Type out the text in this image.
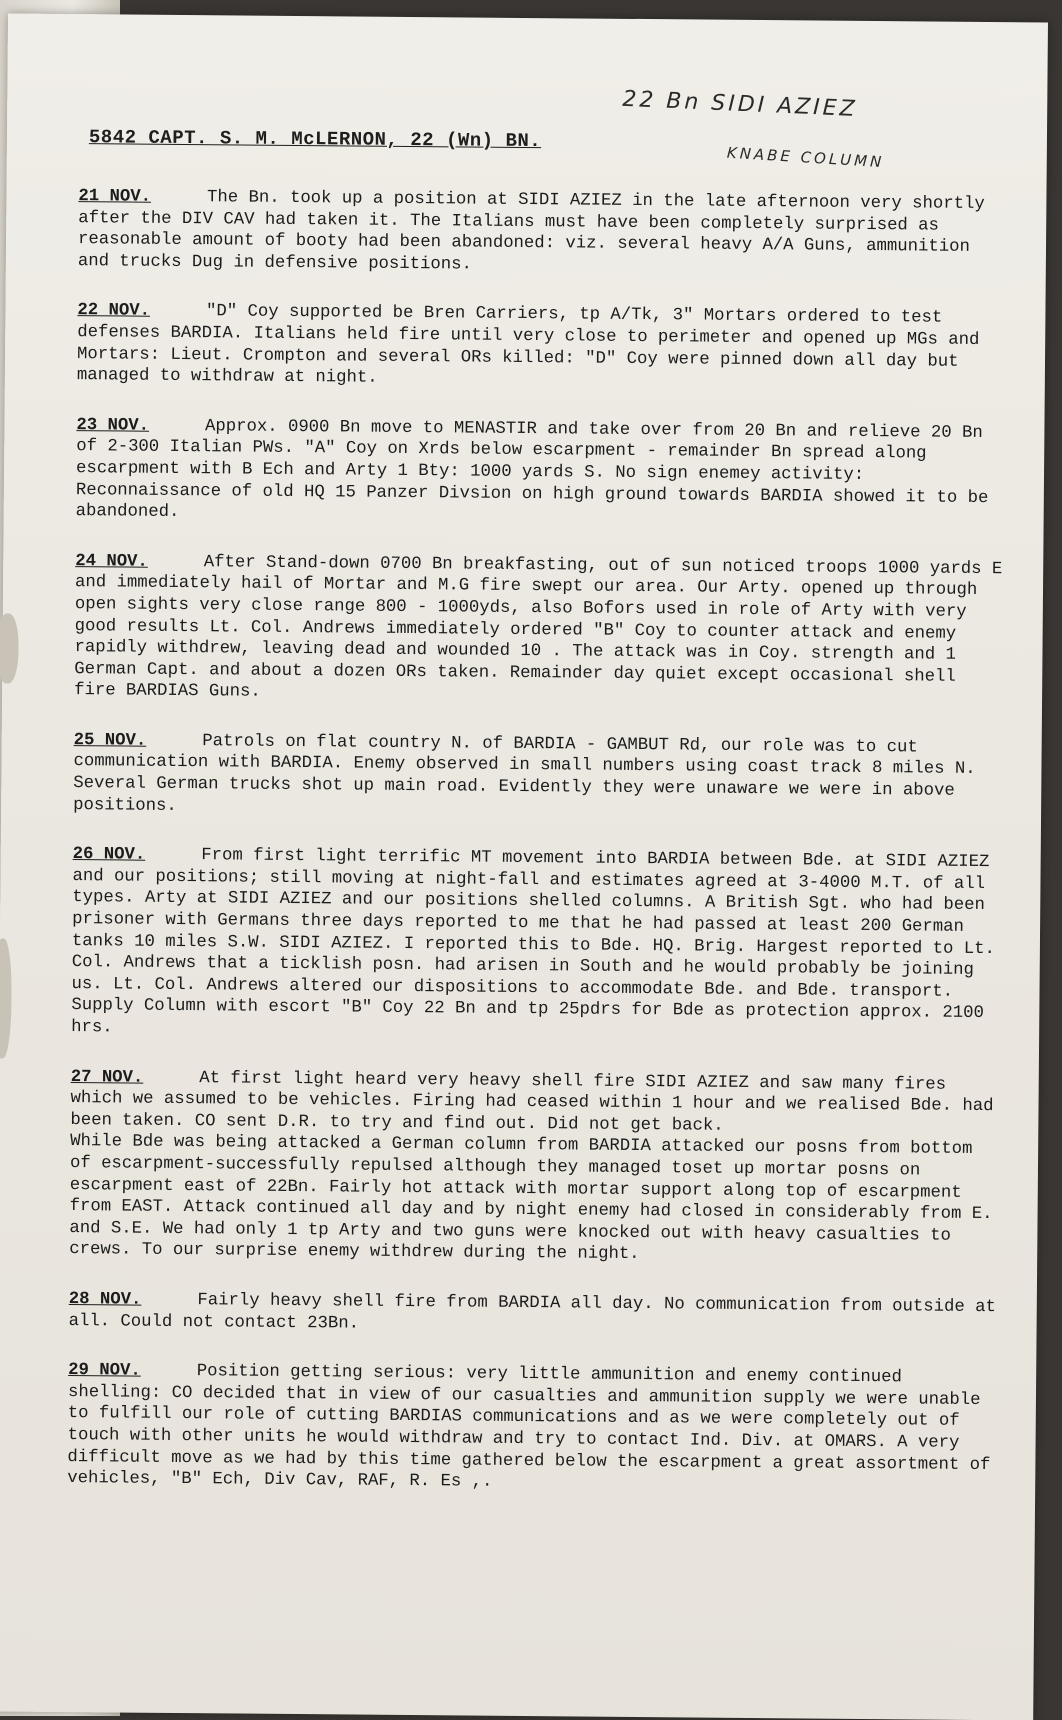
22 Bn SIDI AZIEZ
KNABE COLUMN
5842 CAPT. S. M. McLERNON, 22 (Wn) BN.
21 NOV.	The Bn. took up a position at SIDI AZIEZ in the late afternoon very shortly after the DIV CAV had taken it. The Italians must have been completely surprised as reasonable amount of booty had been abandoned: viz. several heavy A/A Guns, ammunition and trucks Dug in defensive positions.
22 NOV.	"D" Coy supported be Bren Carriers, tp A/Tk, 3" Mortars ordered to test defenses BARDIA. Italians held fire until very close to perimeter and opened up MGs and Mortars: Lieut. Crompton and several ORs killed: "D" Coy were pinned down all day but managed to withdraw at night.
23 NOV.	Approx. 0900 Bn move to MENASTIR and take over from 20 Bn and relieve 20 Bn of 2-300 Italian PWs. "A" Coy on Xrds below escarpment - remainder Bn spread along escarpment with B Ech and Arty 1 Bty: 1000 yards S. No sign enemey activity: Reconnaissance of old HQ 15 Panzer Divsion on high ground towards BARDIA showed it to be abandoned.
24 NOV.	After Stand-down 0700 Bn breakfasting, out of sun noticed troops 1000 yards E and immediately hail of Mortar and M.G fire swept our area. Our Arty. opened up through open sights very close range 800 - 1000yds, also Bofors used in role of Arty with very good results Lt. Col. Andrews immediately ordered "B" Coy to counter attack and enemy rapidly withdrew, leaving dead and wounded 10 . The attack was in Coy. strength and 1 German Capt. and about a dozen ORs taken. Remainder day quiet except occasional shell fire BARDIAS Guns.
25 NOV.	Patrols on flat country N. of BARDIA - GAMBUT Rd, our role was to cut communication with BARDIA. Enemy observed in small numbers using coast track 8 miles N. Several German trucks shot up main road. Evidently they were unaware we were in above positions.
26 NOV.	From first light terrific MT movement into BARDIA between Bde. at SIDI AZIEZ and our positions; still moving at night-fall and estimates agreed at 3-4000 M.T. of all types. Arty at SIDI AZIEZ and our positions shelled columns. A British Sgt. who had been prisoner with Germans three days reported to me that he had passed at least 200 German tanks 10 miles S.W. SIDI AZIEZ. I reported this to Bde. HQ. Brig. Hargest reported to Lt. Col. Andrews that a ticklish posn. had arisen in South and he would probably be joining us. Lt. Col. Andrews altered our dispositions to accommodate Bde. and Bde. transport. Supply Column with escort "B" Coy 22 Bn and tp 25pdrs for Bde as protection approx. 2100 hrs.
27 NOV.	At first light heard very heavy shell fire SIDI AZIEZ and saw many fires which we assumed to be vehicles. Firing had ceased within 1 hour and we realised Bde. had been taken. CO sent D.R. to try and find out. Did not get back.
While Bde was being attacked a German column from BARDIA attacked our posns from bottom of escarpment-successfully repulsed although they managed toset up mortar posns on escarpment east of 22Bn. Fairly hot attack with mortar support along top of escarpment from EAST. Attack continued all day and by night enemy had closed in considerably from E. and S.E. We had only 1 tp Arty and two guns were knocked out with heavy casualties to crews. To our surprise enemy withdrew during the night.
28 NOV.	Fairly heavy shell fire from BARDIA all day. No communication from outside at all. Could not contact 23Bn.
29 NOV.	Position getting serious: very little ammunition and enemy continued shelling: CO decided that in view of our casualties and ammunition supply we were unable to fulfill our role of cutting BARDIAS communications and as we were completely out of touch with other units he would withdraw and try to contact Ind. Div. at OMARS. A very difficult move as we had by this time gathered below the escarpment a great assortment of vehicles, "B" Ech, Div Cav, RAF, R. Es ,.
